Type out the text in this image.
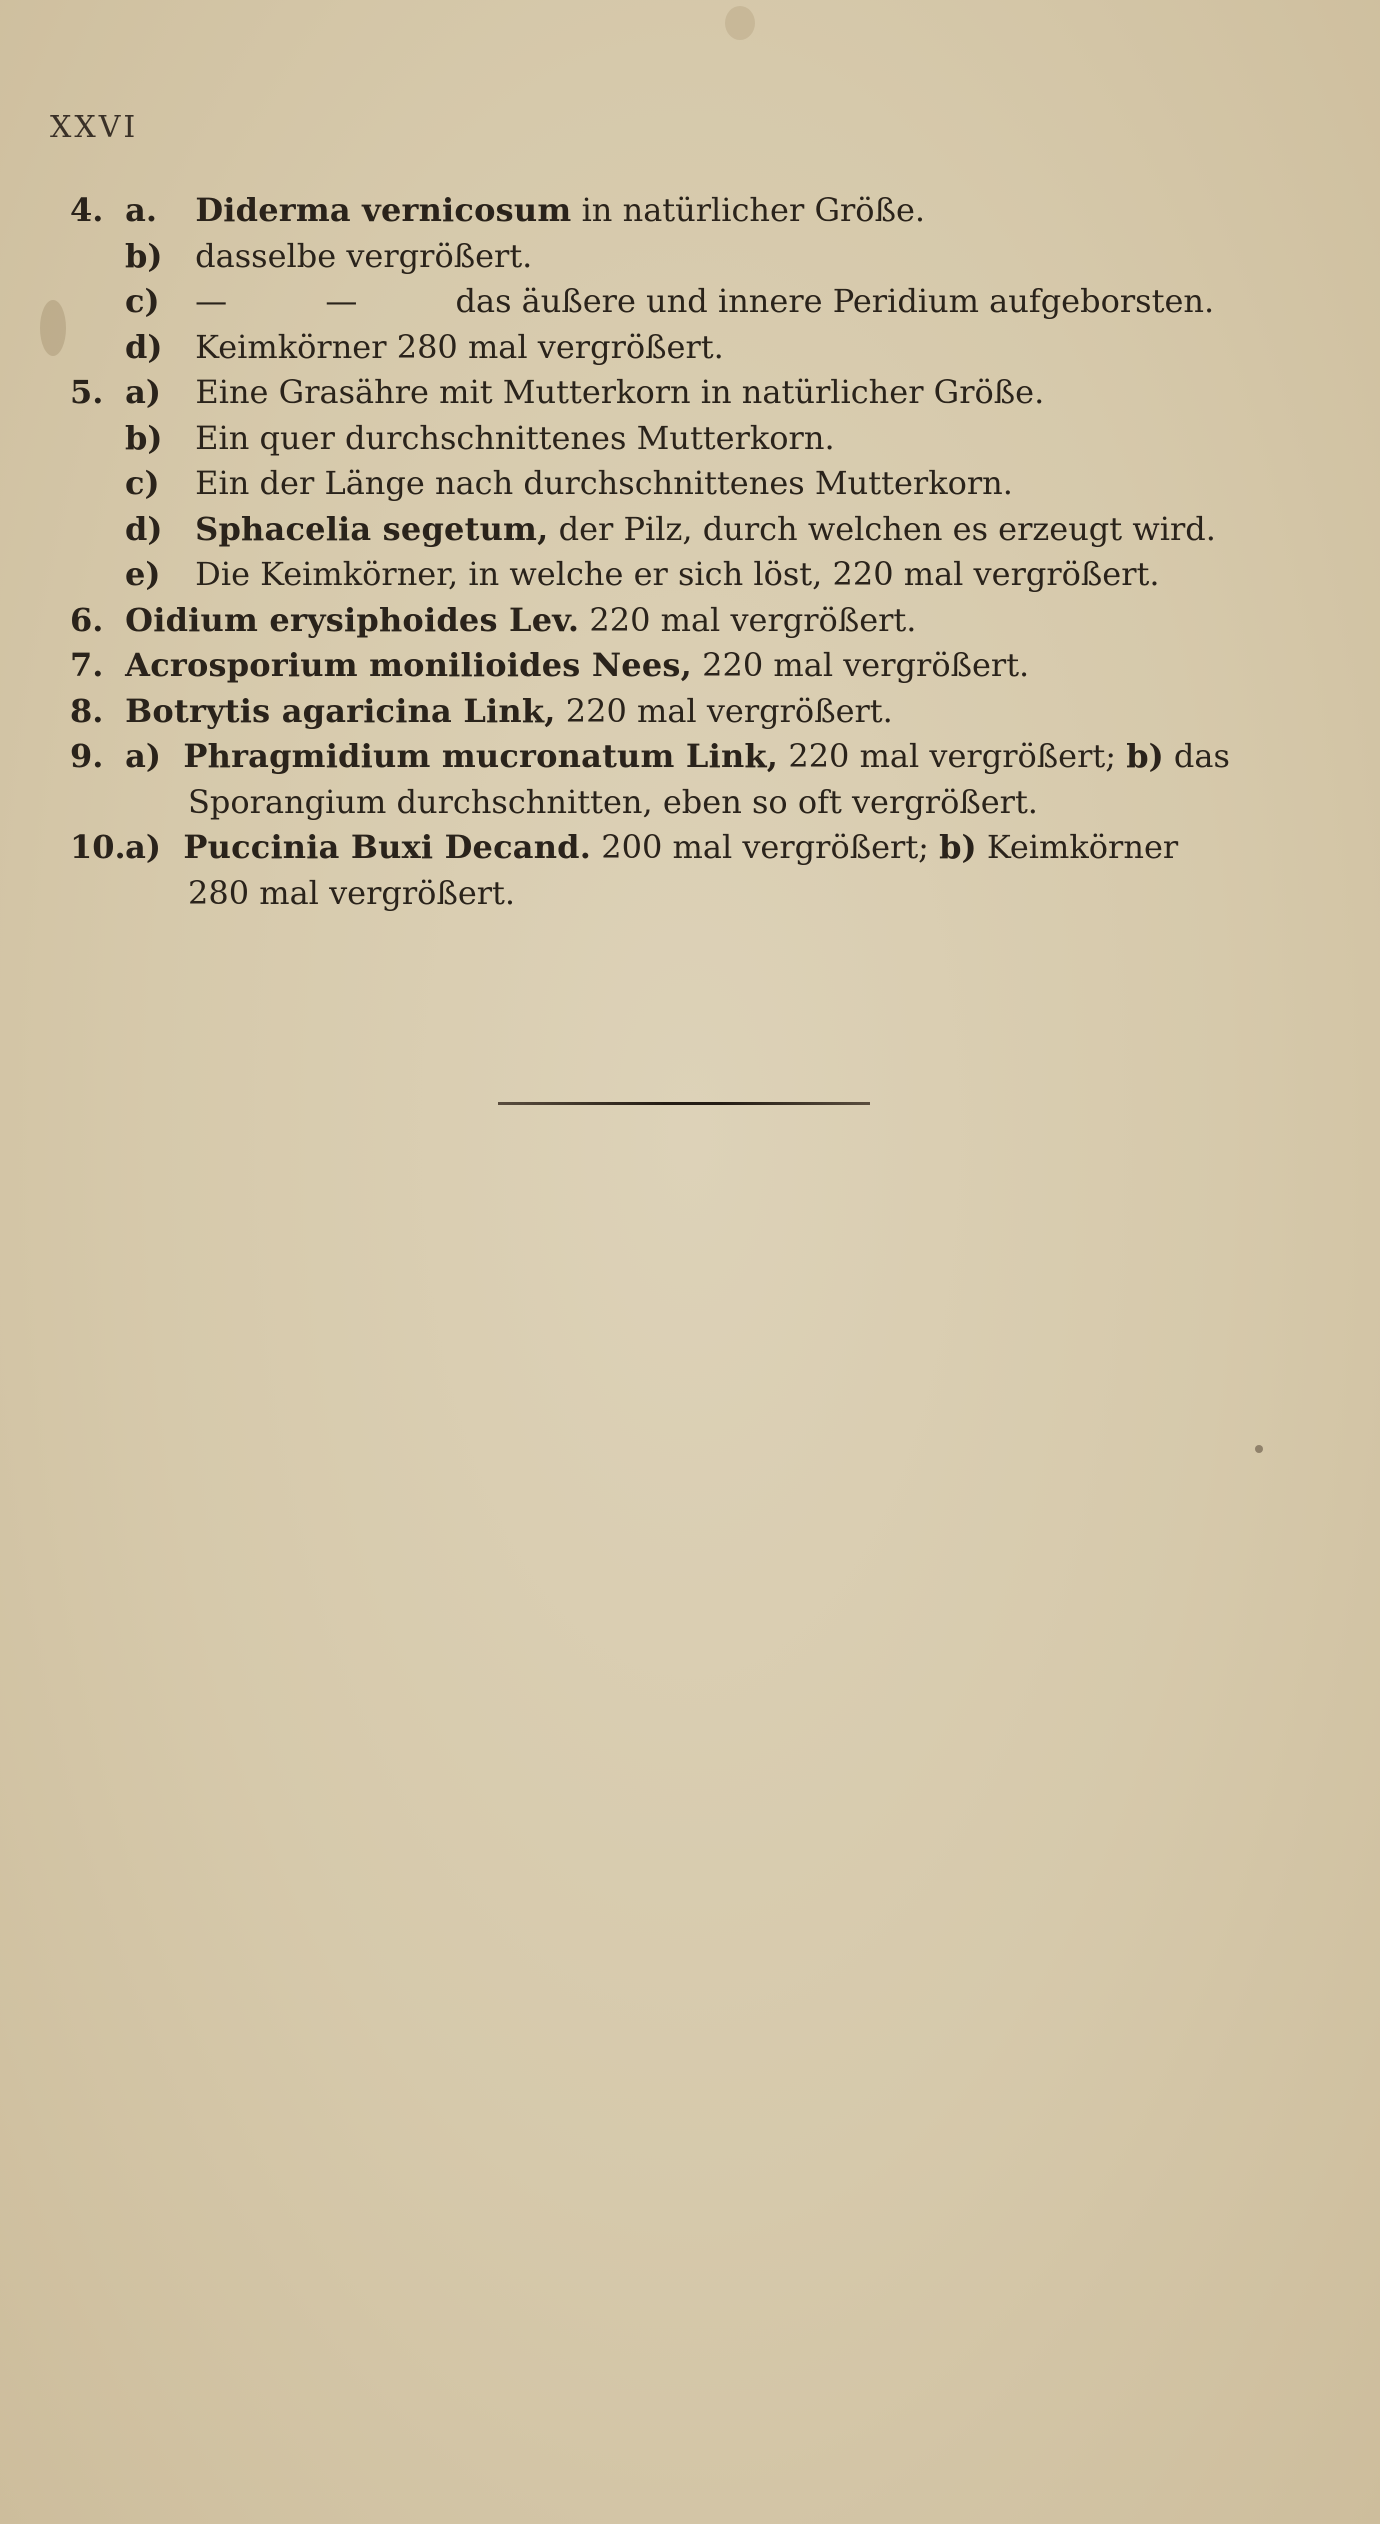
XXVI
4. a. Diderma vernicosum in natürlicher Größe.
b) dasselbe vergrößert.
c) —	—	das äußere und innere Peridium aufgeborsten.
d) Keimkörner 280 mal vergrößert.
5. a) Eine Grasähre mit Mutterkorn in natürlicher Größe.
b) Ein quer durchschnittenes Mutterkorn.
c) Ein der Länge nach durchschnittenes Mutterkorn.
d) Sphacelia segetum, der Pilz, durch welchen es erzeugt wird.
e) Die Keimkörner, in welche er sich löst, 220 mal vergrößert.
6. Oidium erysiphoides Lev. 220 mal vergrößert.
7. Acrosporium monilioides Nees, 220 mal vergrößert.
8. Botrytis agaricina Link, 220 mal vergrößert.
9. a) Phragmidium mucronatum Link, 220 mal vergrößert; b) das
Sporangium durchschnitten, eben so oft vergrößert.
10. a) Puccinia Buxi Decand. 200 mal vergrößert; b) Keimkörner
280 mal vergrößert.
